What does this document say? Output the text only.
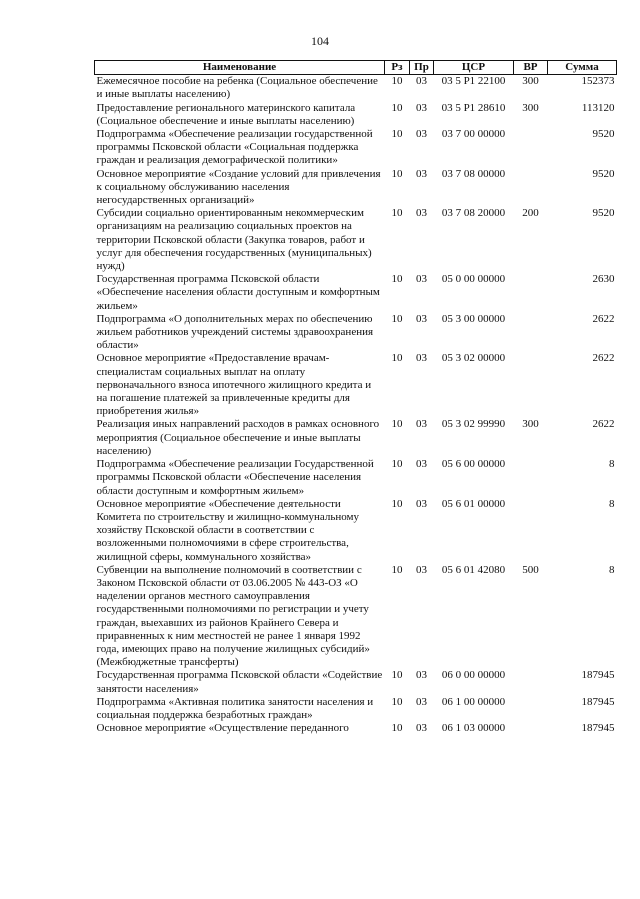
104
Наименование	Рз	Пр	ЦСР	ВР	Сумма
Ежемесячное пособие на ребенка (Социальное обеспечение и иные выплаты населению)	10	03	03 5 Р1 22100	300	152373
Предоставление регионального материнского капитала (Социальное обеспечение и иные выплаты населению)	10	03	03 5 Р1 28610	300	113120
Подпрограмма «Обеспечение реализации государственной программы Псковской области «Социальная поддержка граждан и реализация демографической политики»	10	03	03 7 00 00000		9520
Основное мероприятие «Создание условий для привлечения к социальному обслуживанию населения негосударственных организаций»	10	03	03 7 08 00000		9520
Субсидии социально ориентированным некоммерческим организациям на реализацию социальных проектов на территории Псковской области (Закупка товаров, работ и услуг для обеспечения государственных (муниципальных) нужд)	10	03	03 7 08 20000	200	9520
Государственная программа Псковской области «Обеспечение населения области доступным и комфортным жильем»	10	03	05 0 00 00000		2630
Подпрограмма «О дополнительных мерах по обеспечению жильем работников учреждений системы здравоохранения области»	10	03	05 3 00 00000		2622
Основное мероприятие «Предоставление врачам-специалистам социальных выплат на оплату первоначального взноса ипотечного жилищного кредита и на погашение платежей за привлеченные кредиты для приобретения жилья»	10	03	05 3 02 00000		2622
Реализация иных направлений расходов в рамках основного мероприятия (Социальное обеспечение и иные выплаты населению)	10	03	05 3 02 99990	300	2622
Подпрограмма «Обеспечение реализации Государственной программы Псковской области «Обеспечение населения области доступным и комфортным жильем»	10	03	05 6 00 00000		8
Основное мероприятие «Обеспечение деятельности Комитета по строительству и жилищно-коммунальному хозяйству Псковской области в соответствии с возложенными полномочиями в сфере строительства, жилищной сферы, коммунального хозяйства»	10	03	05 6 01 00000		8
Субвенции на выполнение полномочий в соответствии с Законом Псковской области от 03.06.2005 № 443-ОЗ «О наделении органов местного самоуправления государственными полномочиями по регистрации и учету граждан, выехавших из районов Крайнего Севера и приравненных к ним местностей не ранее 1 января 1992 года, имеющих право на получение жилищных субсидий» (Межбюджетные трансферты)	10	03	05 6 01 42080	500	8
Государственная программа Псковской области «Содействие занятости населения»	10	03	06 0 00 00000		187945
Подпрограмма «Активная политика занятости населения и социальная поддержка безработных граждан»	10	03	06 1 00 00000		187945
Основное мероприятие «Осуществление переданного	10	03	06 1 03 00000		187945
